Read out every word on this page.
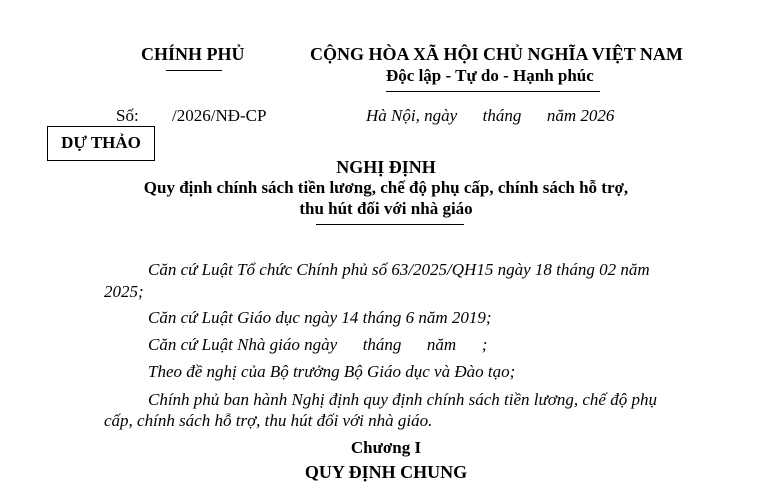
CHÍNH PHỦ	CỘNG HÒA XÃ HỘI CHỦ NGHĨA VIỆT NAM
Độc lập - Tự do - Hạnh phúc
Số: /2026/NĐ-CP	Hà Nội, ngày      tháng      năm 2026
DỰ THẢO
NGHỊ ĐỊNH
Quy định chính sách tiền lương, chế độ phụ cấp, chính sách hỗ trợ,
thu hút đối với nhà giáo
Căn cứ Luật Tổ chức Chính phủ số 63/2025/QH15 ngày 18 tháng 02 năm
2025;
Căn cứ Luật Giáo dục ngày 14 tháng 6 năm 2019;
Căn cứ Luật Nhà giáo ngày      tháng      năm      ;
Theo đề nghị của Bộ trưởng Bộ Giáo dục và Đào tạo;
Chính phủ ban hành Nghị định quy định chính sách tiền lương, chế độ phụ
cấp, chính sách hỗ trợ, thu hút đối với nhà giáo.
Chương I
QUY ĐỊNH CHUNG
